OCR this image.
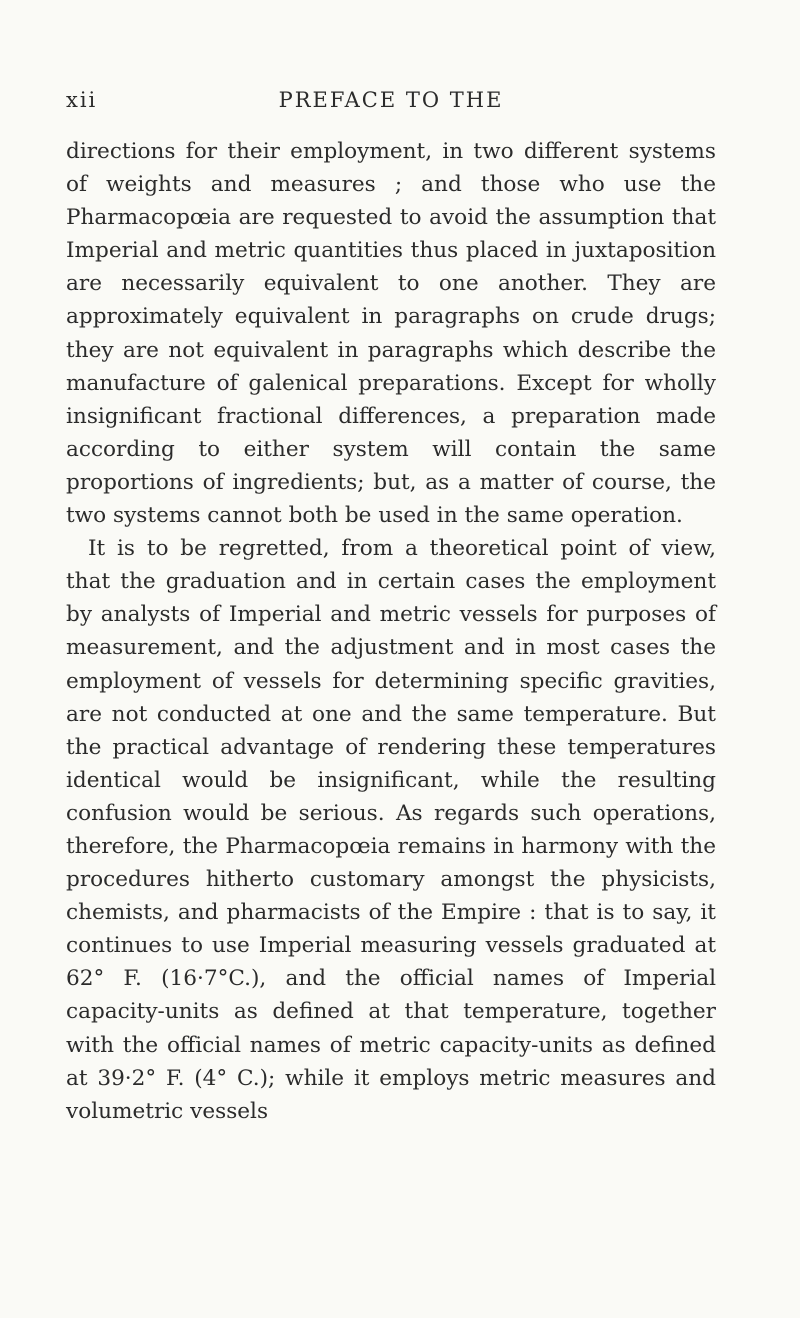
xii	PREFACE TO THE

directions for their employment, in two different systems of weights and measures ; and those who use the Pharmacopœia are requested to avoid the assumption that Imperial and metric quantities thus placed in juxtaposition are necessarily equivalent to one another. They are approximately equivalent in paragraphs on crude drugs; they are not equivalent in paragraphs which describe the manufacture of galenical preparations. Except for wholly insignificant fractional differences, a preparation made according to either system will contain the same proportions of ingredients; but, as a matter of course, the two systems cannot both be used in the same operation.

It is to be regretted, from a theoretical point of view, that the graduation and in certain cases the employment by analysts of Imperial and metric vessels for purposes of measurement, and the adjustment and in most cases the employment of vessels for determining specific gravities, are not conducted at one and the same temperature. But the practical advantage of rendering these temperatures identical would be insignificant, while the resulting confusion would be serious. As regards such operations, therefore, the Pharmacopœia remains in harmony with the procedures hitherto customary amongst the physicists, chemists, and pharmacists of the Empire : that is to say, it continues to use Imperial measuring vessels graduated at 62° F. (16·7°C.), and the official names of Imperial capacity-units as defined at that temperature, together with the official names of metric capacity-units as defined at 39·2° F. (4° C.); while it employs metric measures and volumetric vessels
